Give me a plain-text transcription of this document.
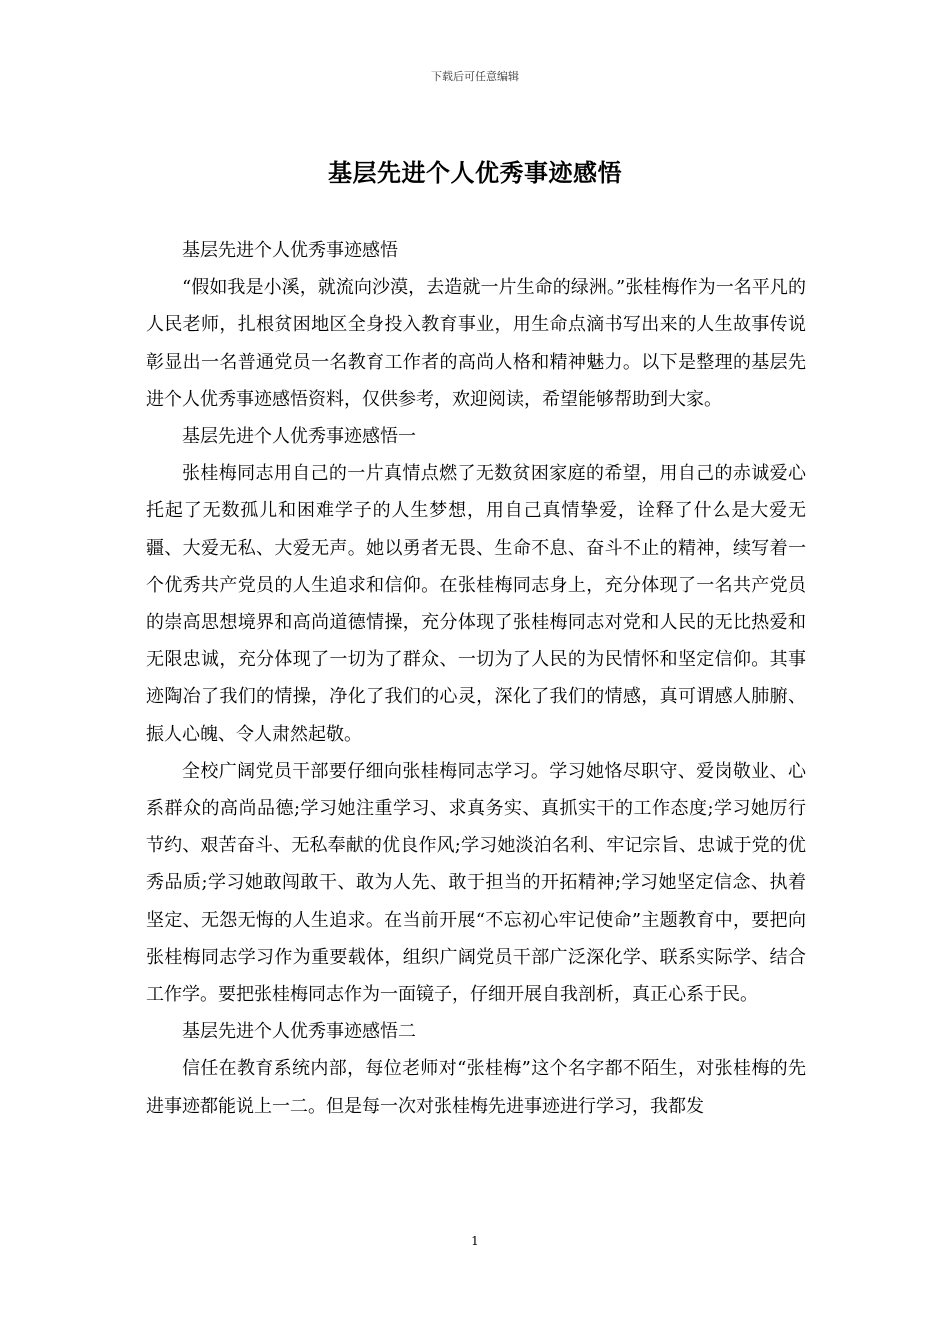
下载后可任意编辑
基层先进个人优秀事迹感悟

基层先进个人优秀事迹感悟

“假如我是小溪，就流向沙漠，去造就一片生命的绿洲。”张桂梅作为一名平凡的人民老师，扎根贫困地区全身投入教育事业，用生命点滴书写出来的人生故事传说彰显出一名普通党员一名教育工作者的高尚人格和精神魅力。以下是整理的基层先进个人优秀事迹感悟资料，仅供参考，欢迎阅读，希望能够帮助到大家。

基层先进个人优秀事迹感悟一

张桂梅同志用自己的一片真情点燃了无数贫困家庭的希望，用自己的赤诚爱心托起了无数孤儿和困难学子的人生梦想，用自己真情挚爱，诠释了什么是大爱无疆、大爱无私、大爱无声。她以勇者无畏、生命不息、奋斗不止的精神，续写着一个优秀共产党员的人生追求和信仰。在张桂梅同志身上，充分体现了一名共产党员的崇高思想境界和高尚道德情操，充分体现了张桂梅同志对党和人民的无比热爱和无限忠诚，充分体现了一切为了群众、一切为了人民的为民情怀和坚定信仰。其事迹陶冶了我们的情操，净化了我们的心灵，深化了我们的情感，真可谓感人肺腑、振人心魄、令人肃然起敬。

全校广阔党员干部要仔细向张桂梅同志学习。学习她恪尽职守、爱岗敬业、心系群众的高尚品德;学习她注重学习、求真务实、真抓实干的工作态度;学习她厉行节约、艰苦奋斗、无私奉献的优良作风;学习她淡泊名利、牢记宗旨、忠诚于党的优秀品质;学习她敢闯敢干、敢为人先、敢于担当的开拓精神;学习她坚定信念、执着坚定、无怨无悔的人生追求。在当前开展“不忘初心牢记使命”主题教育中，要把向张桂梅同志学习作为重要载体，组织广阔党员干部广泛深化学、联系实际学、结合工作学。要把张桂梅同志作为一面镜子，仔细开展自我剖析，真正心系于民。

基层先进个人优秀事迹感悟二

信任在教育系统内部，每位老师对“张桂梅”这个名字都不陌生，对张桂梅的先进事迹都能说上一二。但是每一次对张桂梅先进事迹进行学习，我都发

1
